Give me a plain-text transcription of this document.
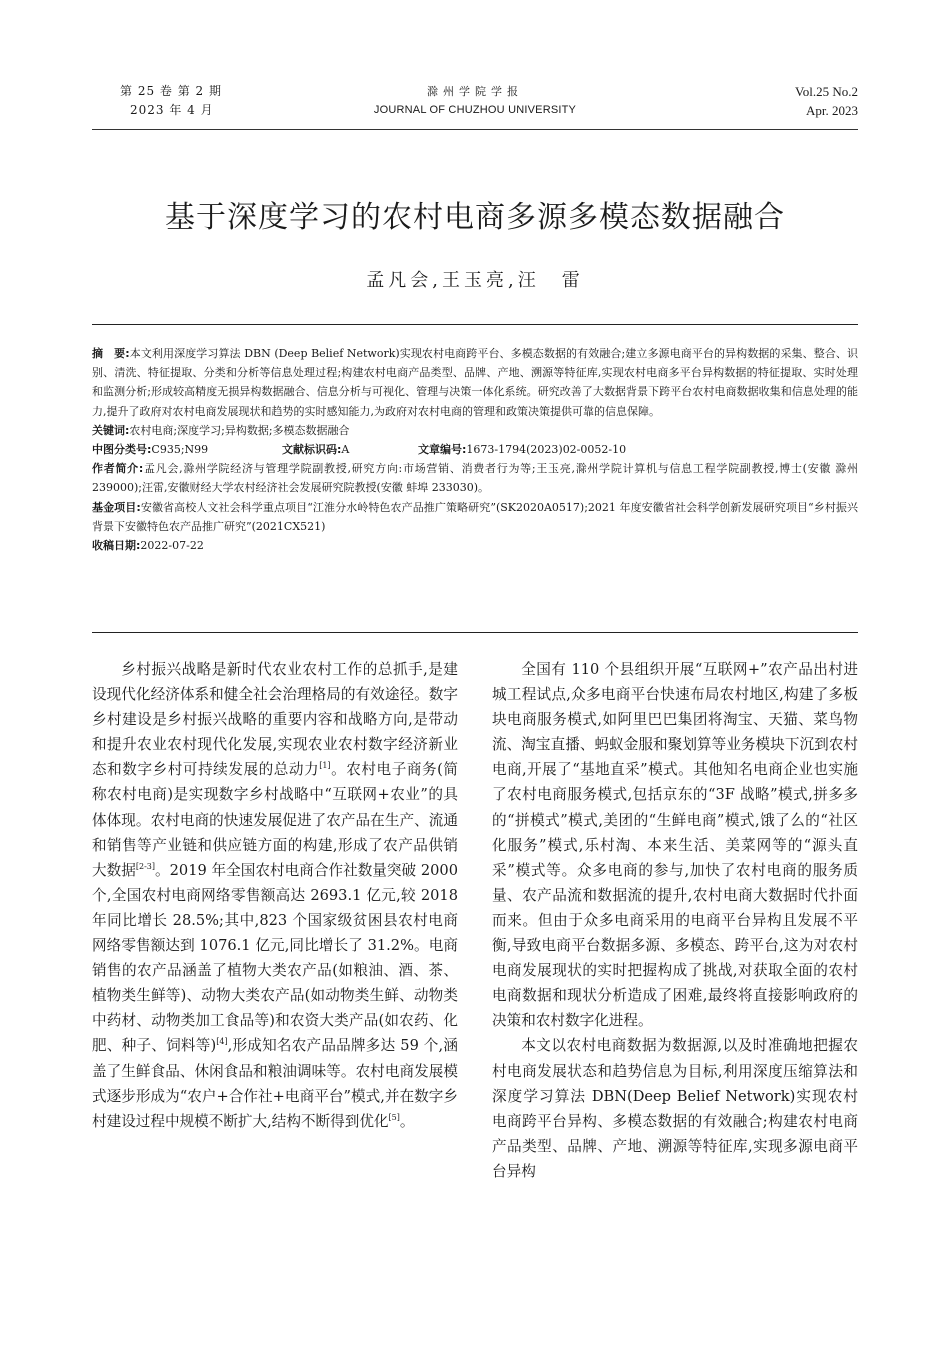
第 25 卷 第 2 期
2023 年 4 月
滁州学院学报
JOURNAL OF CHUZHOU UNIVERSITY
Vol.25 No.2
Apr. 2023
基于深度学习的农村电商多源多模态数据融合
孟凡会,王玉亮,汪　雷

摘　要:本文利用深度学习算法 DBN (Deep Belief Network)实现农村电商跨平台、多模态数据的有效融合;建立多源电商平台的异构数据的采集、整合、识别、清洗、特征提取、分类和分析等信息处理过程;构建农村电商产品类型、品牌、产地、溯源等特征库,实现农村电商多平台异构数据的特征提取、实时处理和监测分析;形成较高精度无损异构数据融合、信息分析与可视化、管理与决策一体化系统。研究改善了大数据背景下跨平台农村电商数据收集和信息处理的能力,提升了政府对农村电商发展现状和趋势的实时感知能力,为政府对农村电商的管理和政策决策提供可靠的信息保障。

关键词:农村电商;深度学习;异构数据;多模态数据融合

中图分类号:C935;N99	文献标识码:A	文章编号:1673-1794(2023)02-0052-10

作者简介:孟凡会,滁州学院经济与管理学院副教授,研究方向:市场营销、消费者行为等;王玉亮,滁州学院计算机与信息工程学院副教授,博士(安徽 滁州 239000);汪雷,安徽财经大学农村经济社会发展研究院教授(安徽 蚌埠 233030)。

基金项目:安徽省高校人文社会科学重点项目“江淮分水岭特色农产品推广策略研究”(SK2020A0517);2021 年度安徽省社会科学创新发展研究项目“乡村振兴背景下安徽特色农产品推广研究”(2021CX521)

收稿日期:2022-07-22

乡村振兴战略是新时代农业农村工作的总抓手,是建设现代化经济体系和健全社会治理格局的有效途径。数字乡村建设是乡村振兴战略的重要内容和战略方向,是带动和提升农业农村现代化发展,实现农业农村数字经济新业态和数字乡村可持续发展的总动力[1]。农村电子商务(简称农村电商)是实现数字乡村战略中“互联网+农业”的具体体现。农村电商的快速发展促进了农产品在生产、流通和销售等产业链和供应链方面的构建,形成了农产品供销大数据[2-3]。2019 年全国农村电商合作社数量突破 2000 个,全国农村电商网络零售额高达 2693.1 亿元,较 2018 年同比增长 28.5%;其中,823 个国家级贫困县农村电商网络零售额达到 1076.1 亿元,同比增长了 31.2%。电商销售的农产品涵盖了植物大类农产品(如粮油、酒、茶、植物类生鲜等)、动物大类农产品(如动物类生鲜、动物类中药材、动物类加工食品等)和农资大类产品(如农药、化肥、种子、饲料等)[4],形成知名农产品品牌多达 59 个,涵盖了生鲜食品、休闲食品和粮油调味等。农村电商发展模式逐步形成为“农户+合作社+电商平台”模式,并在数字乡村建设过程中规模不断扩大,结构不断得到优化[5]。

全国有 110 个县组织开展“互联网+”农产品出村进城工程试点,众多电商平台快速布局农村地区,构建了多板块电商服务模式,如阿里巴巴集团将淘宝、天猫、菜鸟物流、淘宝直播、蚂蚁金服和聚划算等业务模块下沉到农村电商,开展了“基地直采”模式。其他知名电商企业也实施了农村电商服务模式,包括京东的“3F 战略”模式,拼多多的“拼模式”模式,美团的“生鲜电商”模式,饿了么的“社区化服务”模式,乐村淘、本来生活、美菜网等的“源头直采”模式等。众多电商的参与,加快了农村电商的服务质量、农产品流和数据流的提升,农村电商大数据时代扑面而来。但由于众多电商采用的电商平台异构且发展不平衡,导致电商平台数据多源、多模态、跨平台,这为对农村电商发展现状的实时把握构成了挑战,对获取全面的农村电商数据和现状分析造成了困难,最终将直接影响政府的决策和农村数字化进程。

本文以农村电商数据为数据源,以及时准确地把握农村电商发展状态和趋势信息为目标,利用深度压缩算法和深度学习算法 DBN(Deep Belief Network)实现农村电商跨平台异构、多模态数据的有效融合;构建农村电商产品类型、品牌、产地、溯源等特征库,实现多源电商平台异构
